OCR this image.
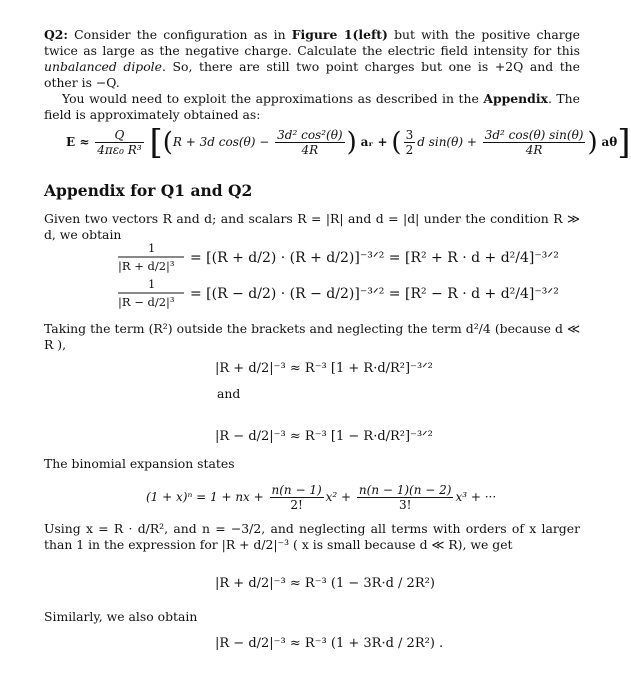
Q2: Consider the configuration as in Figure 1(left) but with the positive charge twice as large as the negative charge. Calculate the electric field intensity for this unbalanced dipole. So, there are still two point charges but one is +2Q and the other is −Q.
You would need to exploit the approximations as described in the Appendix. The field is approximately obtained as:
$E \approx \frac{Q}{\text{4πε₀ R³}} [(R + 3d$ $\cos(\theta) - \frac{\text{3d² cos²(θ)}}{4R}$ ) aᵣ + ( $\frac{3}{2}$ d $\sin(\theta) + \frac{\text{3d² cos(θ) sin(θ)}}{4R}$ ) aθ]
Appendix for Q1 and Q2
Given two vectors R and d; and scalars R = |R| and d = |d| under the condition R ≫ d, we obtain
1
|R + d/2|³ = [(R + d/2) · (R + d/2)]⁻³ᐟ² = [R² + R · d + d²/4]⁻³ᐟ²
1
|R − d/2|³ = [(R − d/2) · (R − d/2)]⁻³ᐟ² = [R² − R · d + d²/4]⁻³ᐟ²
Taking the term (R²) outside the brackets and neglecting the term d²/4 (because d ≪ R ),
|R + d/2|⁻³ ≈ R⁻³ [1 + R·d/R²]⁻³ᐟ²
|R − d/2|⁻³ ≈ R⁻³ [1 − R·d/R²]⁻³ᐟ²
and
The binomial expansion states
(1 + x)ⁿ = 1 + nx + $\frac{n(n - 1)}{2!} x^2 + \frac{n(n - 1)(n - 2)}{3!} x^3$ + ···
Using x = R · d/R², and n = −3/2, and neglecting all terms with orders of x larger than 1 in the expression for |R + d/2|⁻³ ( x is small because d ≪ R), we get
|R + d/2|⁻³ ≈ R⁻³ (1 − 3R·d / 2R²)
|R − d/2|⁻³ ≈ R⁻³ (1 + 3R·d / 2R²) .
Similarly, we also obtain
